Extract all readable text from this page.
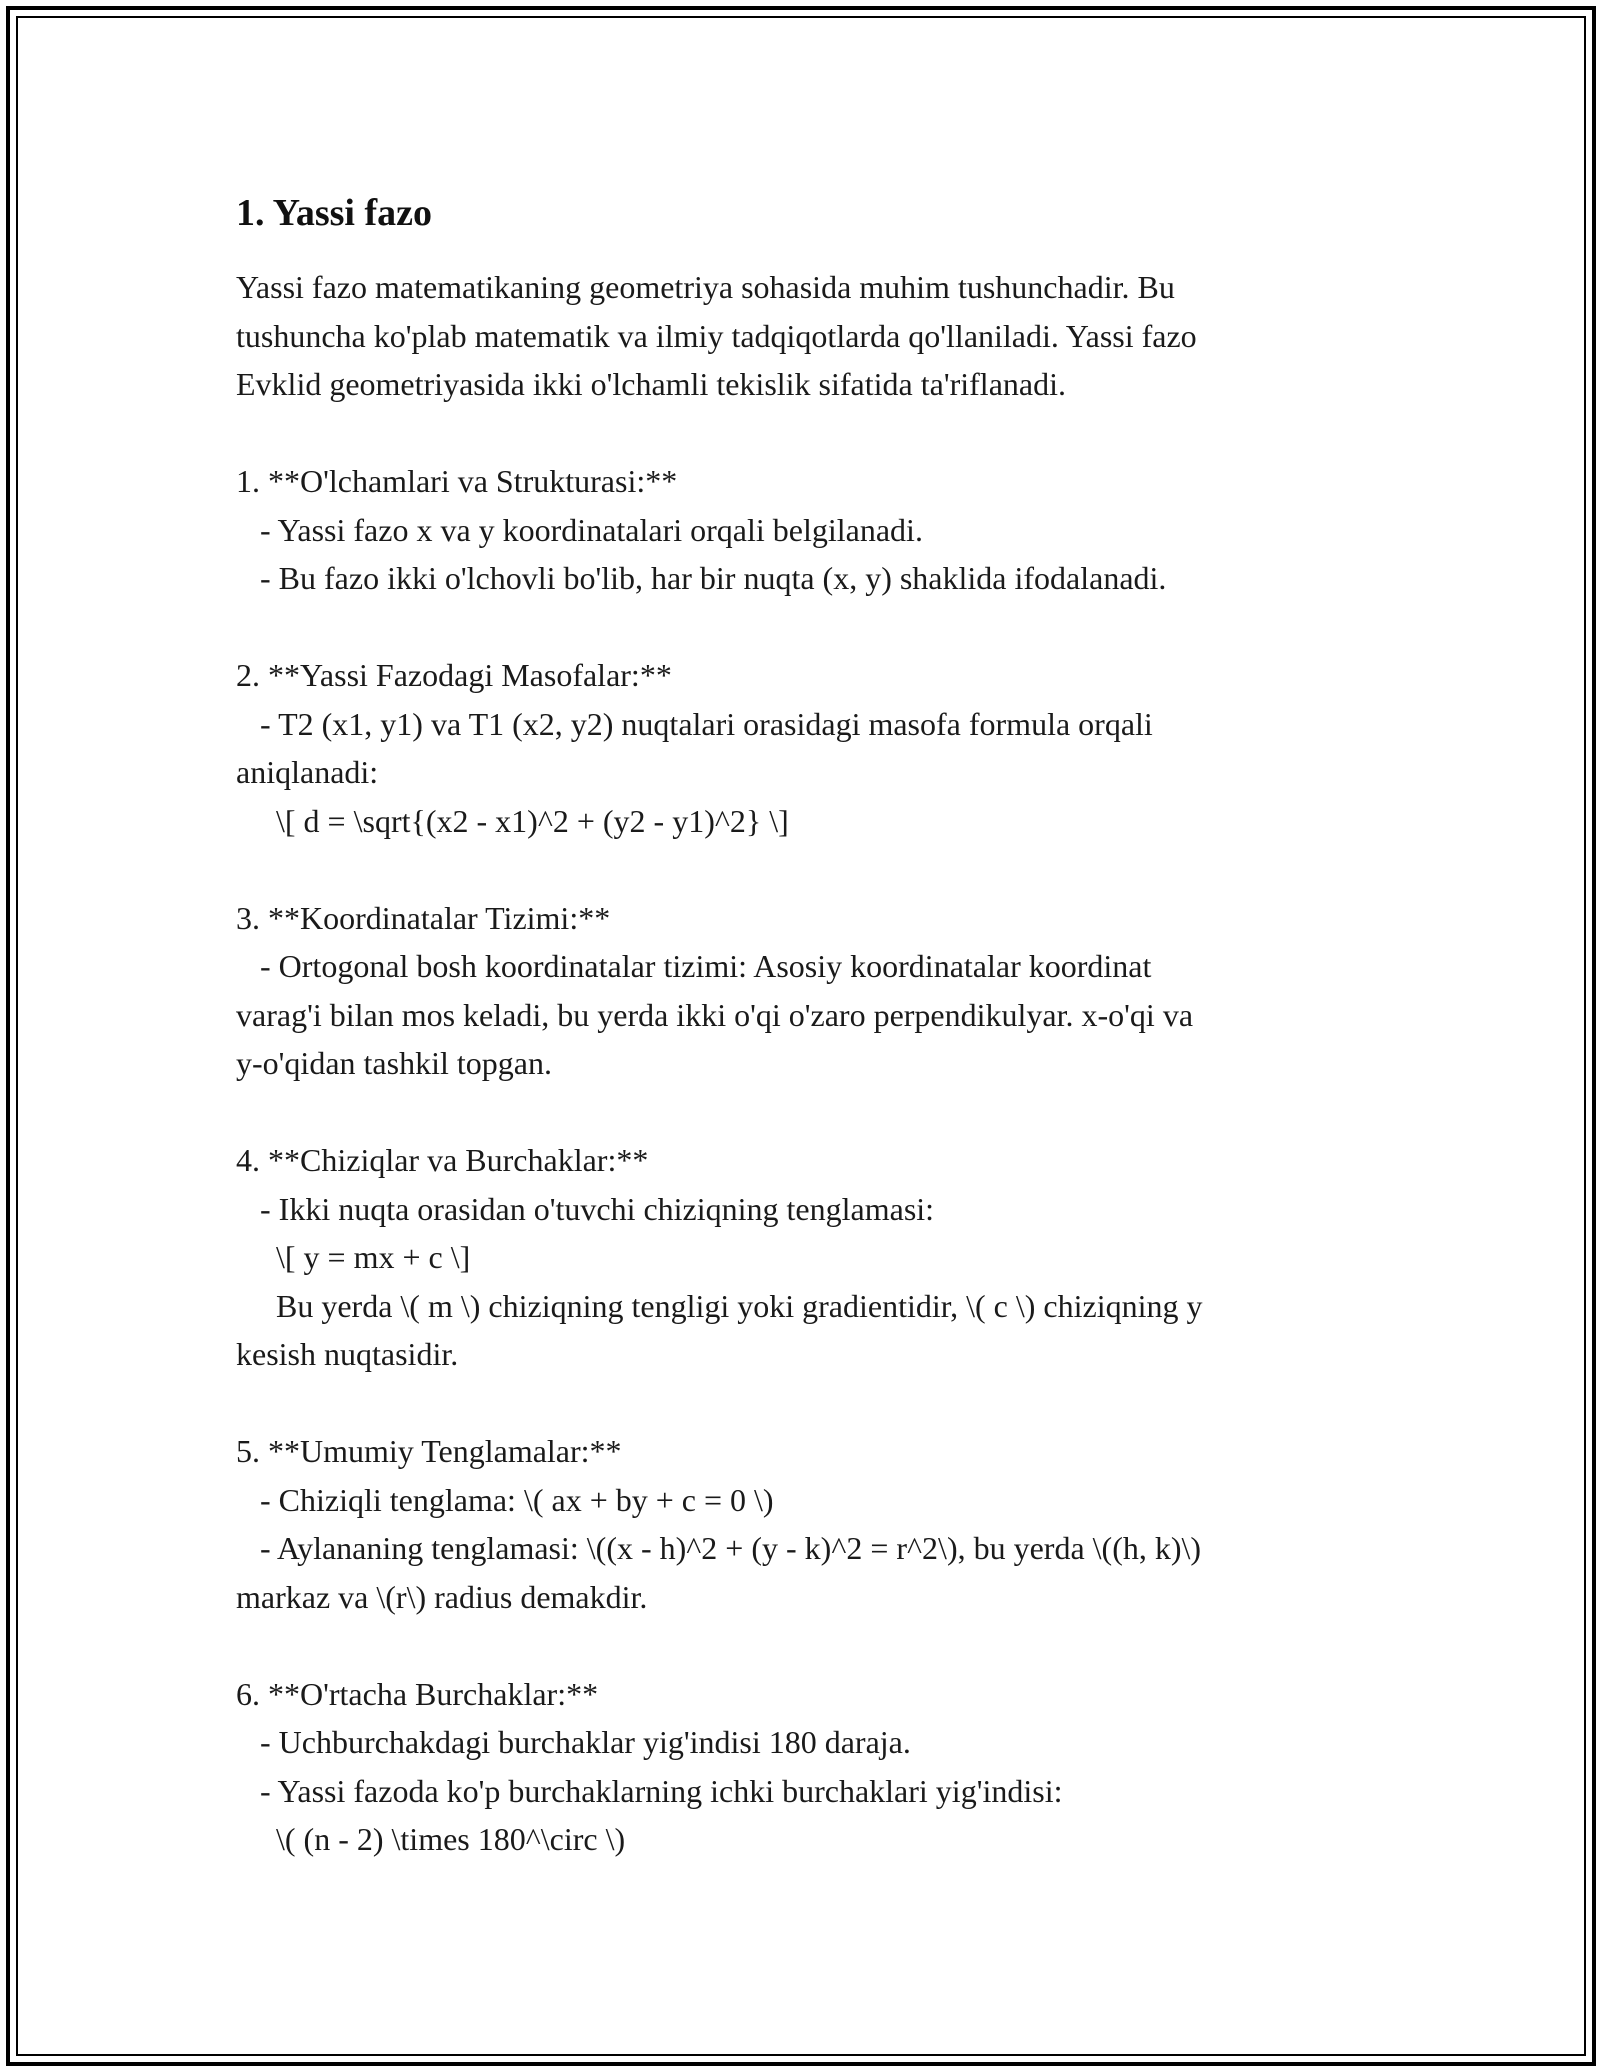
1. Yassi fazo

Yassi fazo matematikaning geometriya sohasida muhim tushunchadir. Bu

tushuncha ko'plab matematik va ilmiy tadqiqotlarda qo'llaniladi. Yassi fazo

Evklid geometriyasida ikki o'lchamli tekislik sifatida ta'riflanadi.

1. **O'lchamlari va Strukturasi:**

- Yassi fazo x va y koordinatalari orqali belgilanadi.

- Bu fazo ikki o'lchovli bo'lib, har bir nuqta (x, y) shaklida ifodalanadi.

2. **Yassi Fazodagi Masofalar:**

- T2 (x1, y1) va T1 (x2, y2) nuqtalari orasidagi masofa formula orqali

aniqlanadi:

\[ d = \sqrt{(x2 - x1)^2 + (y2 - y1)^2} \]

3. **Koordinatalar Tizimi:**

- Ortogonal bosh koordinatalar tizimi: Asosiy koordinatalar koordinat

varag'i bilan mos keladi, bu yerda ikki o'qi o'zaro perpendikulyar. x-o'qi va

y-o'qidan tashkil topgan.

4. **Chiziqlar va Burchaklar:**

- Ikki nuqta orasidan o'tuvchi chiziqning tenglamasi:

\[ y = mx + c \]

Bu yerda \( m \) chiziqning tengligi yoki gradientidir, \( c \) chiziqning y

kesish nuqtasidir.

5. **Umumiy Tenglamalar:**

- Chiziqli tenglama: \( ax + by + c = 0 \)

- Aylananing tenglamasi: \((x - h)^2 + (y - k)^2 = r^2\), bu yerda \((h, k)\)

markaz va \(r\) radius demakdir.

6. **O'rtacha Burchaklar:**

- Uchburchakdagi burchaklar yig'indisi 180 daraja.

- Yassi fazoda ko'p burchaklarning ichki burchaklari yig'indisi:

\( (n - 2) \times 180^\circ \)
